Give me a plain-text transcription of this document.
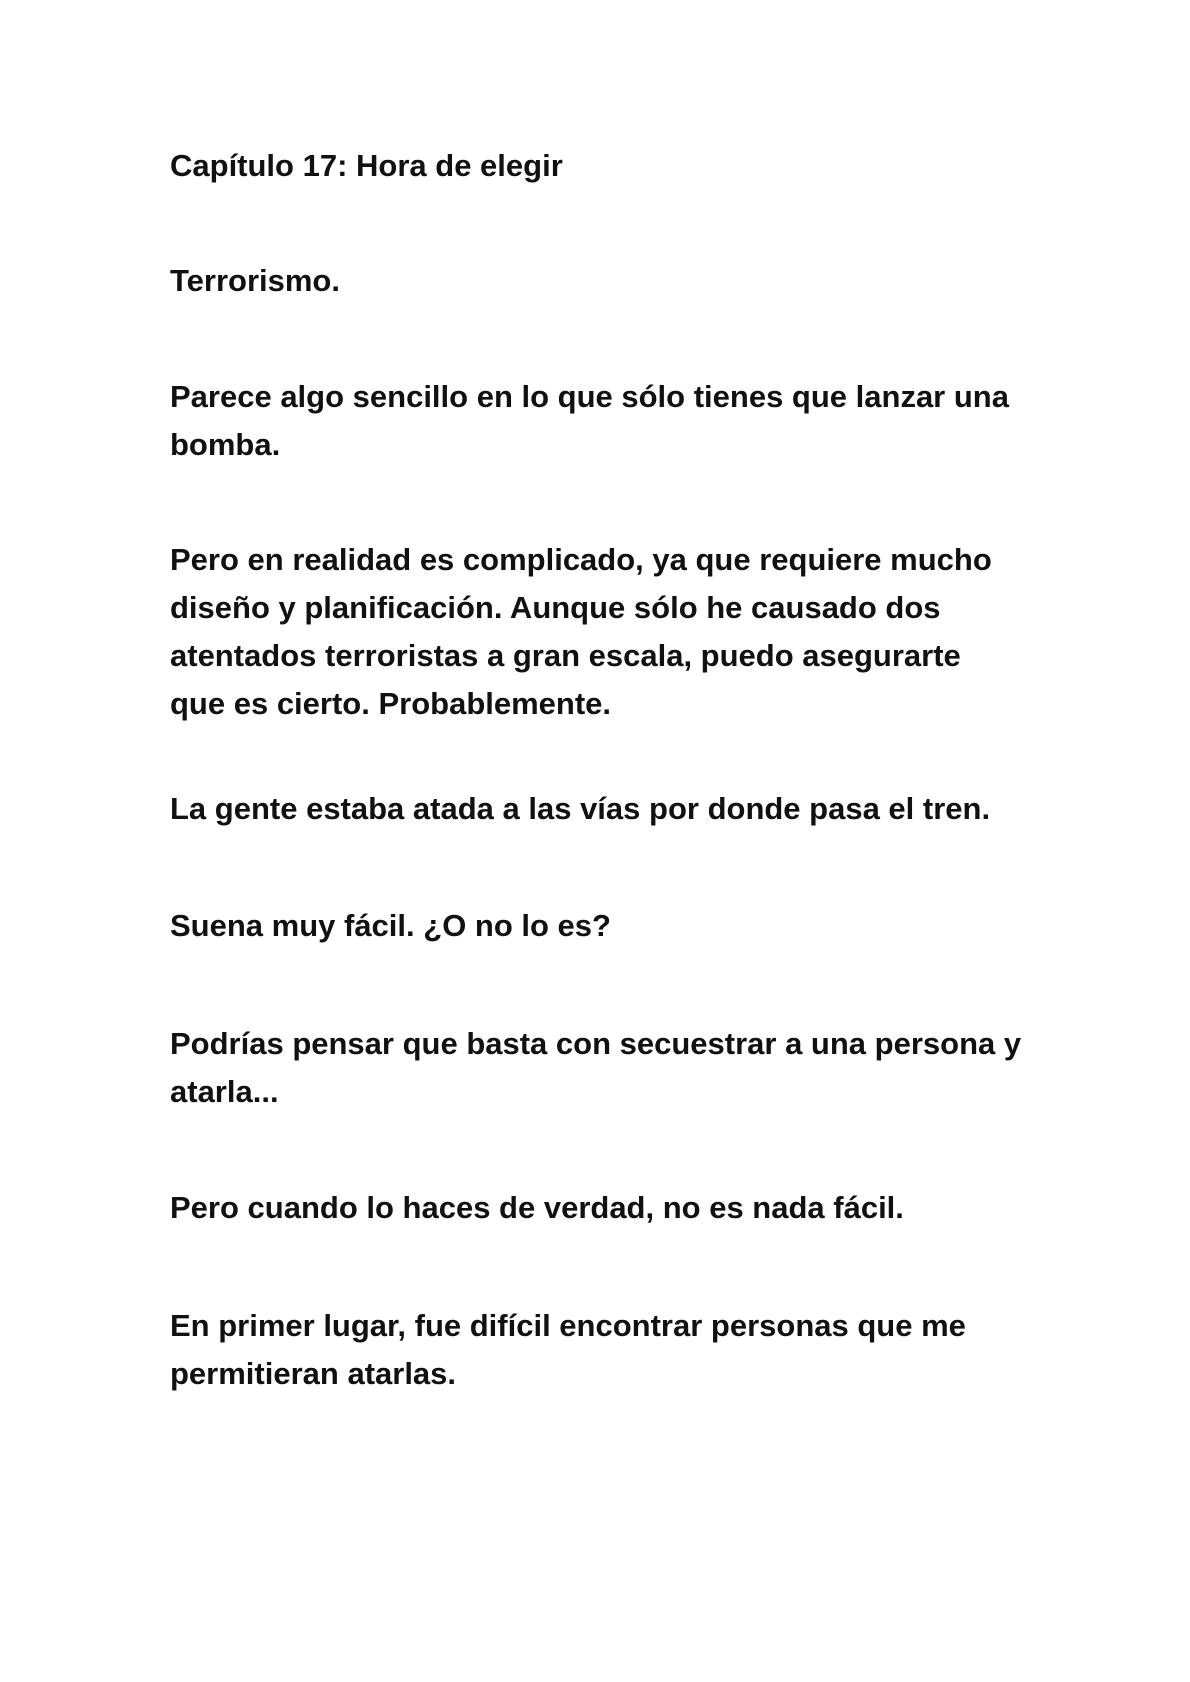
Capítulo 17: Hora de elegir

Terrorismo.

Parece algo sencillo en lo que sólo tienes que lanzar una
bomba.

Pero en realidad es complicado, ya que requiere mucho
diseño y planificación. Aunque sólo he causado dos
atentados terroristas a gran escala, puedo asegurarte
que es cierto. Probablemente.

La gente estaba atada a las vías por donde pasa el tren.

Suena muy fácil. ¿O no lo es?

Podrías pensar que basta con secuestrar a una persona y
atarla...

Pero cuando lo haces de verdad, no es nada fácil.

En primer lugar, fue difícil encontrar personas que me
permitieran atarlas.
